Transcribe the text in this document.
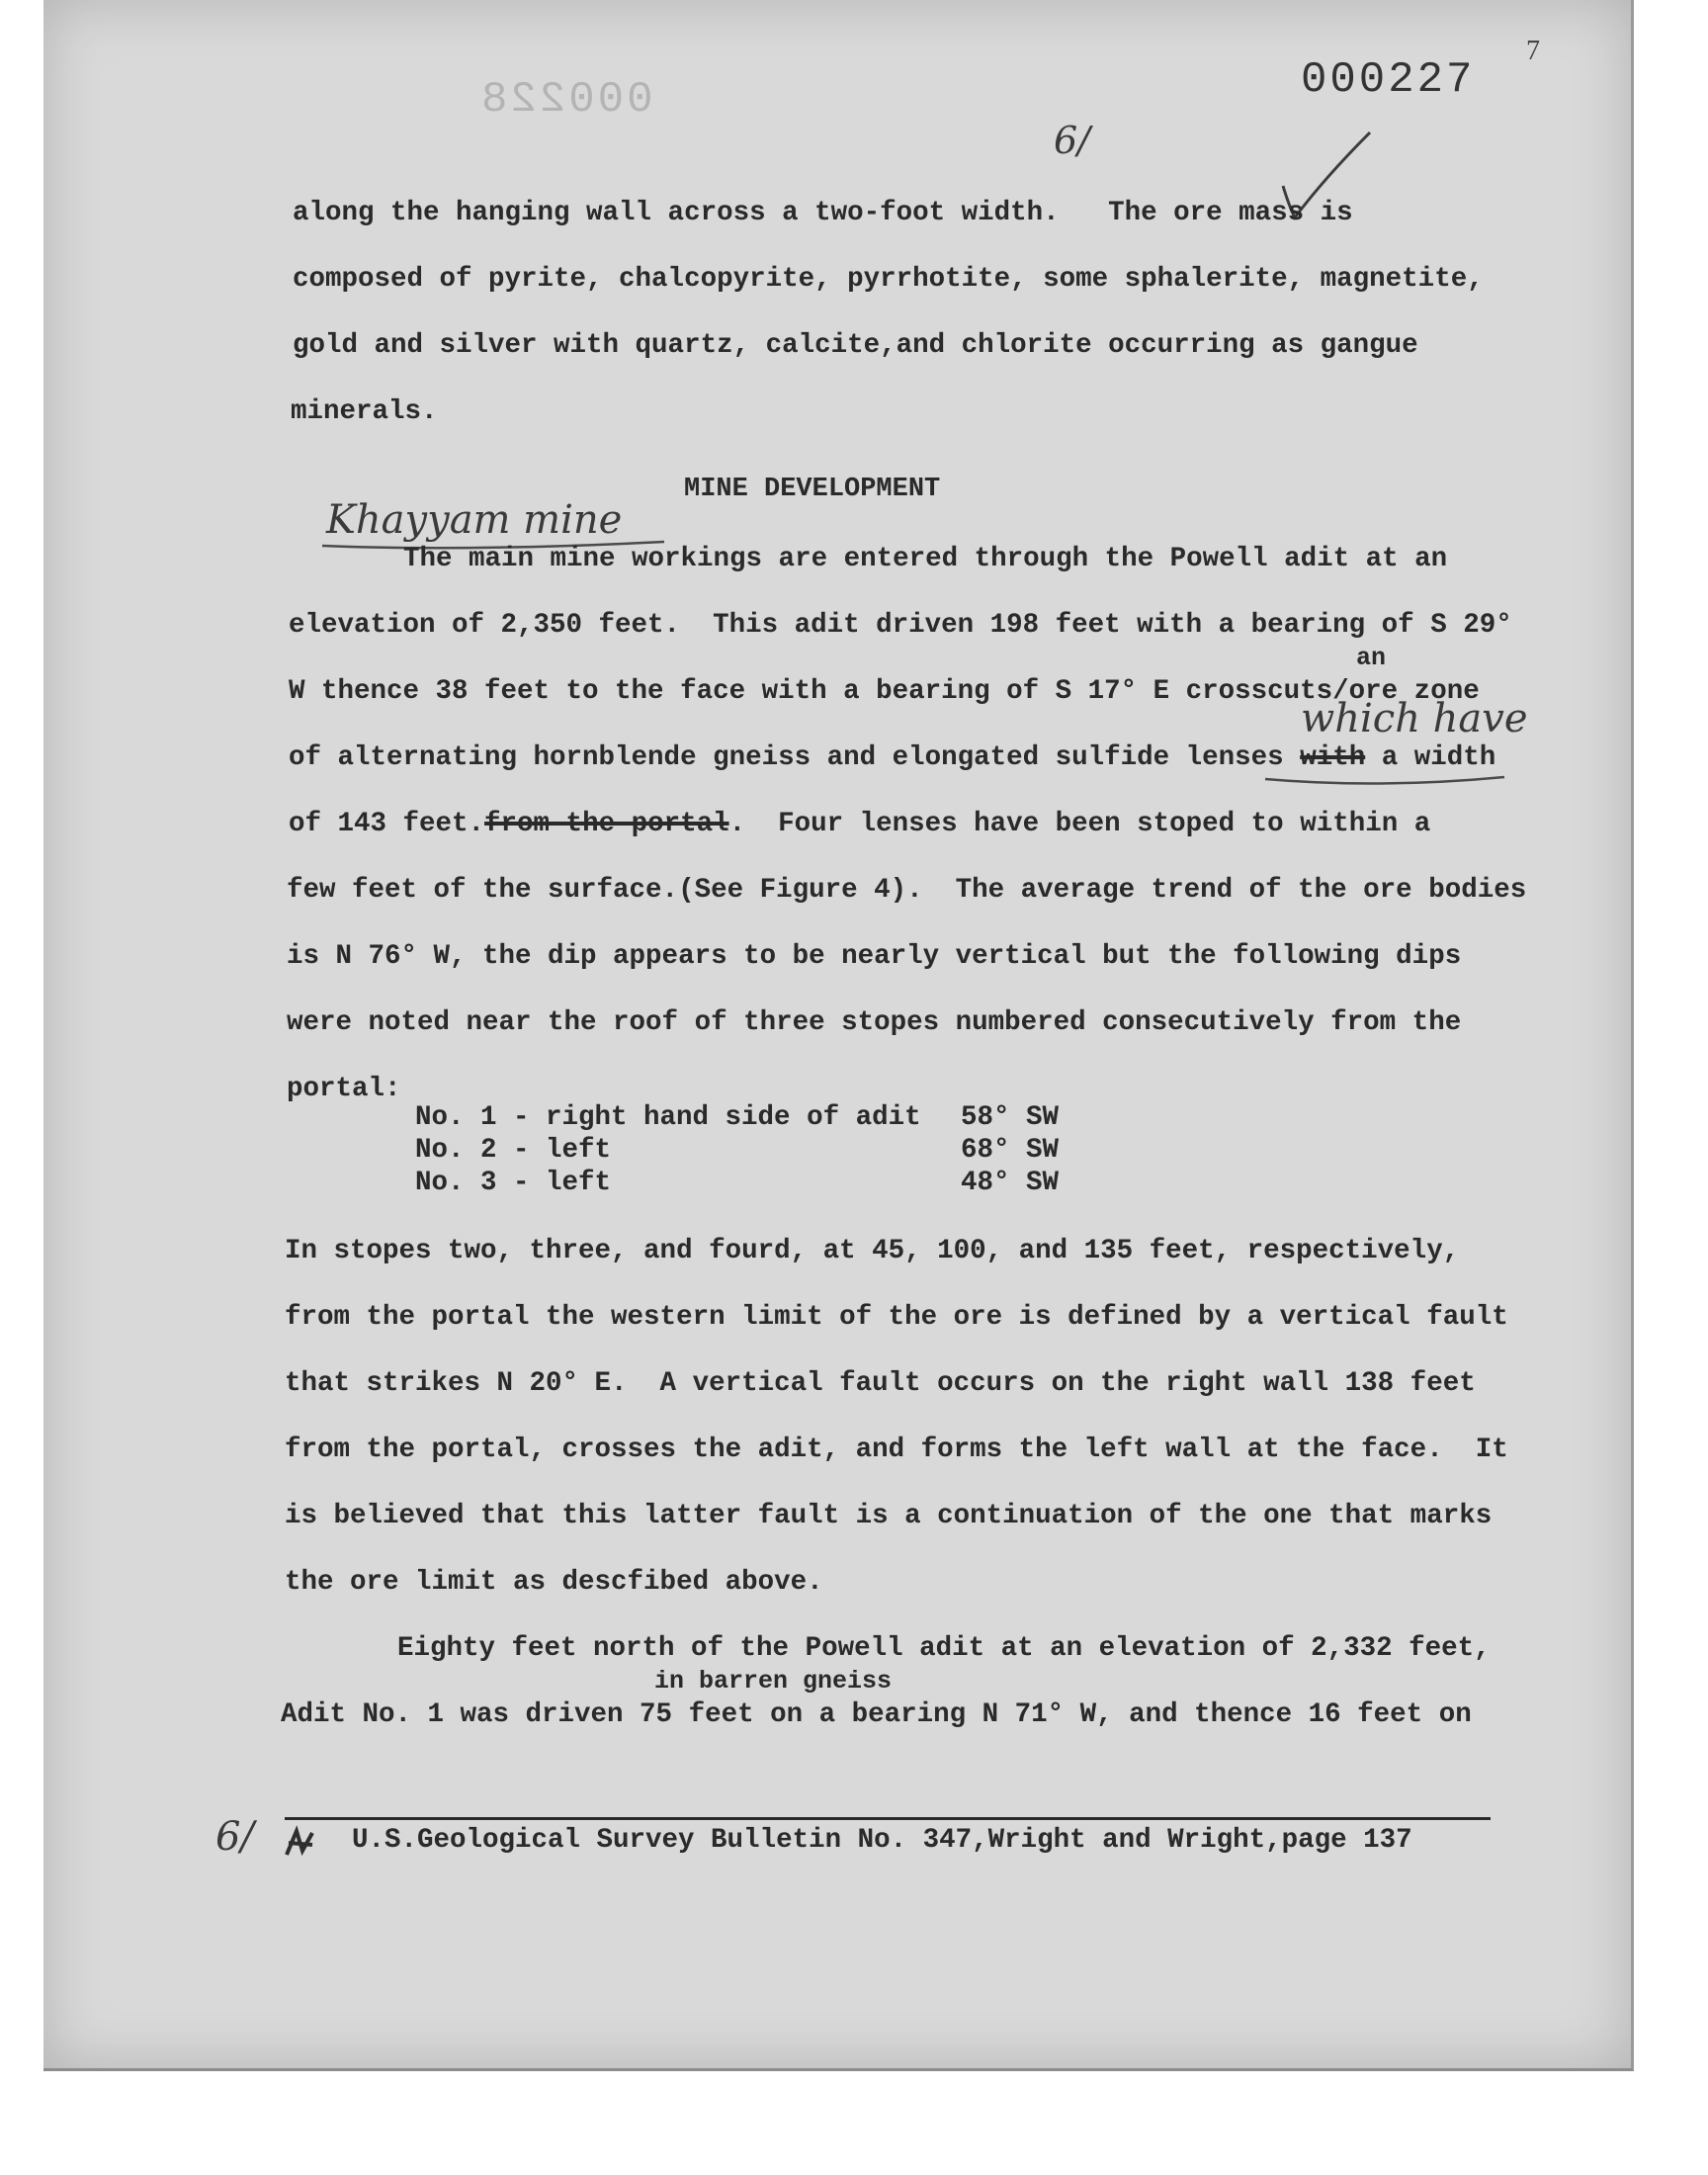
7
000227
000228
6/
along the hanging wall across a two-foot width.   The ore mass is
composed of pyrite, chalcopyrite, pyrrhotite, some sphalerite, magnetite,
gold and silver with quartz, calcite,and chlorite occurring as gangue
minerals.
MINE DEVELOPMENT
Khayyam mine
The main mine workings are entered through the Powell adit at an
elevation of 2,350 feet.  This adit driven 198 feet with a bearing of S 29°
an
W thence 38 feet to the face with a bearing of S 17° E crosscuts/ore zone
which have
of alternating hornblende gneiss and elongated sulfide lenses with a width
of 143 feet.from the portal.  Four lenses have been stoped to within a
few feet of the surface.(See Figure 4).  The average trend of the ore bodies
is N 76° W, the dip appears to be nearly vertical but the following dips
were noted near the roof of three stopes numbered consecutively from the
portal:
No. 1 - right hand side of adit 58° SW
No. 2 - left	68° SW
No. 3 - left	48° SW
In stopes two, three, and fourd, at 45, 100, and 135 feet, respectively,
from the portal the western limit of the ore is defined by a vertical fault
that strikes N 20° E.  A vertical fault occurs on the right wall 138 feet
from the portal, crosses the adit, and forms the left wall at the face.  It
is believed that this latter fault is a continuation of the one that marks
the ore limit as descfibed above.
Eighty feet north of the Powell adit at an elevation of 2,332 feet,
in barren gneiss
Adit No. 1 was driven 75 feet on a bearing N 71° W, and thence 16 feet on
6/	U.S.Geological Survey Bulletin No. 347,Wright and Wright,page 137
